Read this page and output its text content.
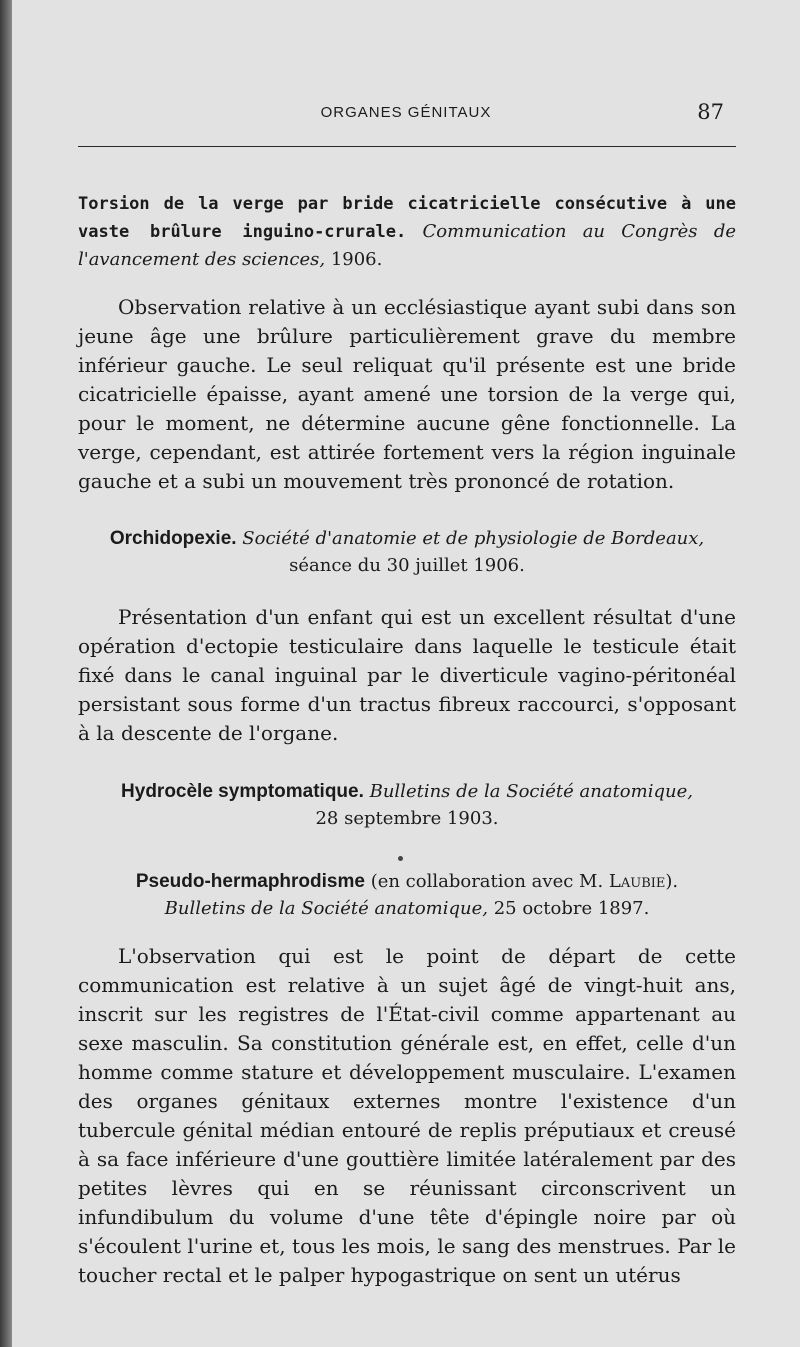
ORGANES GÉNITAUX	87

Torsion de la verge par bride cicatricielle consécutive à une vaste brûlure inguino-crurale. Communication au Congrès de l'avancement des sciences, 1906.

Observation relative à un ecclésiastique ayant subi dans son jeune âge une brûlure particulièrement grave du membre inférieur gauche. Le seul reliquat qu'il présente est une bride cicatricielle épaisse, ayant amené une torsion de la verge qui, pour le moment, ne détermine aucune gêne fonctionnelle. La verge, cependant, est attirée fortement vers la région inguinale gauche et a subi un mouvement très prononcé de rotation.

Orchidopexie. Société d'anatomie et de physiologie de Bordeaux,
séance du 30 juillet 1906.

Présentation d'un enfant qui est un excellent résultat d'une opération d'ectopie testiculaire dans laquelle le testicule était fixé dans le canal inguinal par le diverticule vagino-péritonéal persistant sous forme d'un tractus fibreux raccourci, s'opposant à la descente de l'organe.

Hydrocèle symptomatique. Bulletins de la Société anatomique,
28 septembre 1903.

Pseudo-hermaphrodisme (en collaboration avec M. Laubie).
Bulletins de la Société anatomique, 25 octobre 1897.

L'observation qui est le point de départ de cette communication est relative à un sujet âgé de vingt-huit ans, inscrit sur les registres de l'État-civil comme appartenant au sexe masculin. Sa constitution générale est, en effet, celle d'un homme comme stature et développement musculaire. L'examen des organes génitaux externes montre l'existence d'un tubercule génital médian entouré de replis préputiaux et creusé à sa face inférieure d'une gouttière limitée latéralement par des petites lèvres qui en se réunissant circonscrivent un infundibulum du volume d'une tête d'épingle noire par où s'écoulent l'urine et, tous les mois, le sang des menstrues. Par le toucher rectal et le palper hypogastrique on sent un utérus
